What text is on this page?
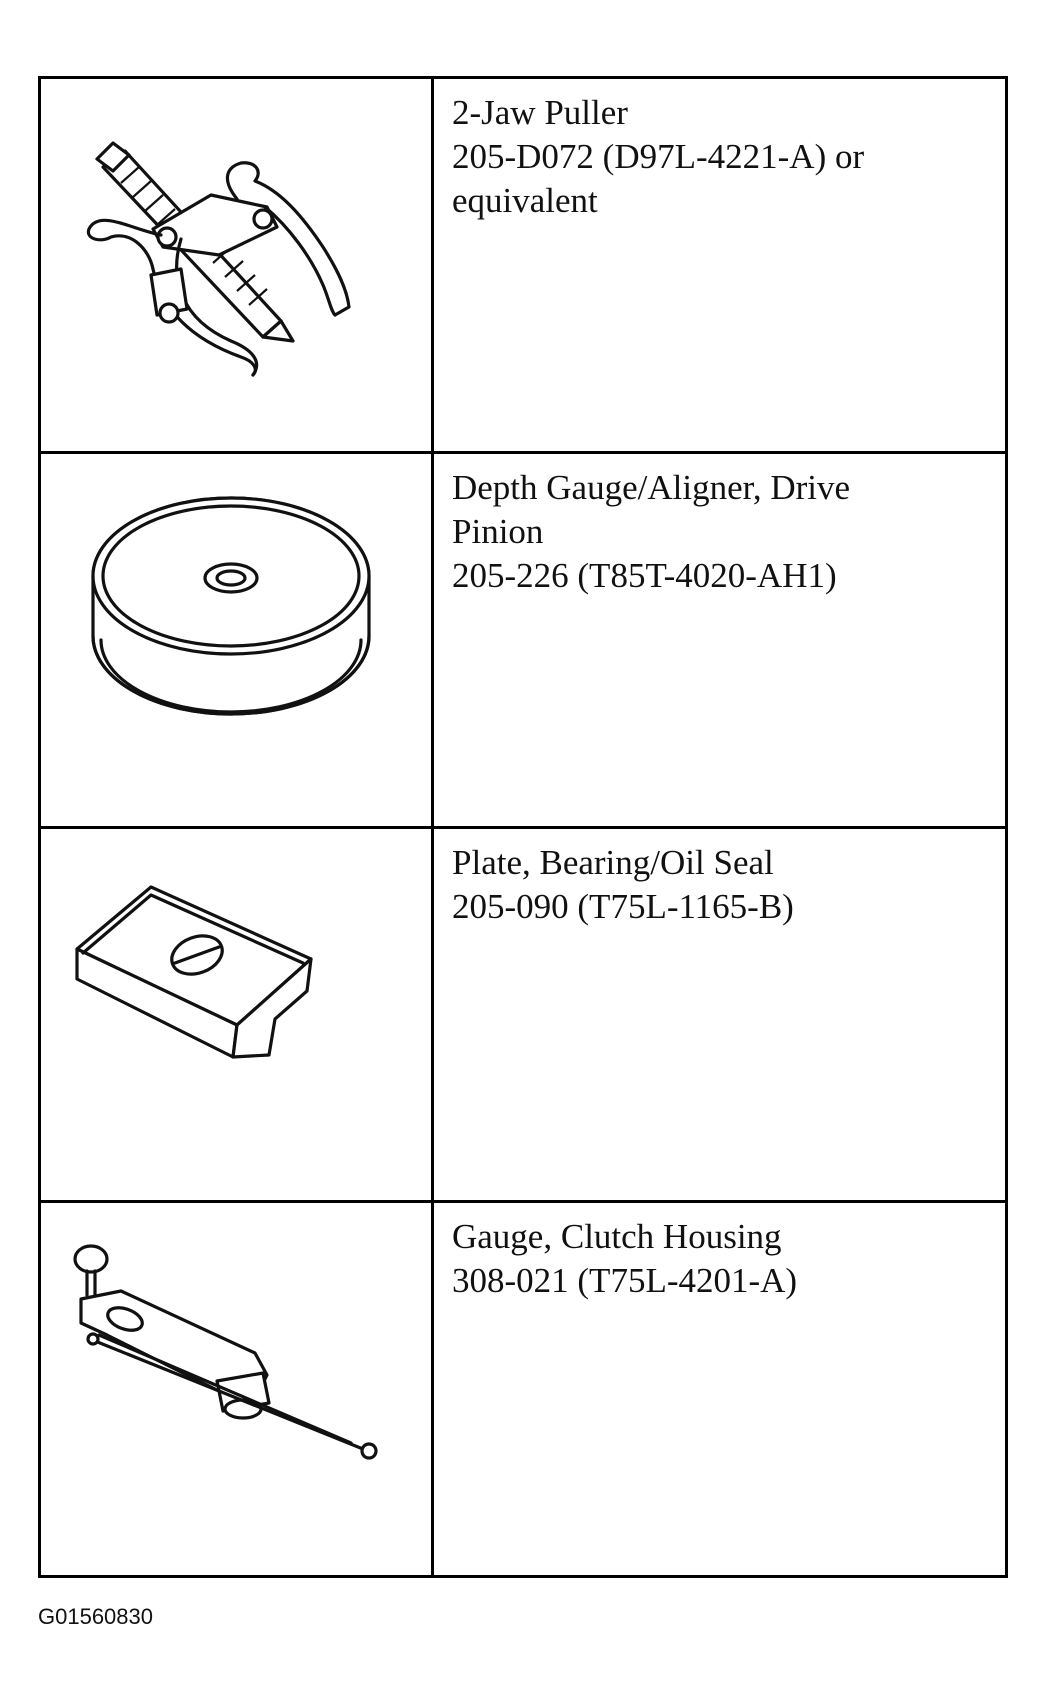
2-Jaw Puller
205-D072 (D97L-4221-A) or
equivalent
Depth Gauge/Aligner, Drive
Pinion
205-226 (T85T-4020-AH1)
Plate, Bearing/Oil Seal
205-090 (T75L-1165-B)
Gauge, Clutch Housing
308-021 (T75L-4201-A)
G01560830
